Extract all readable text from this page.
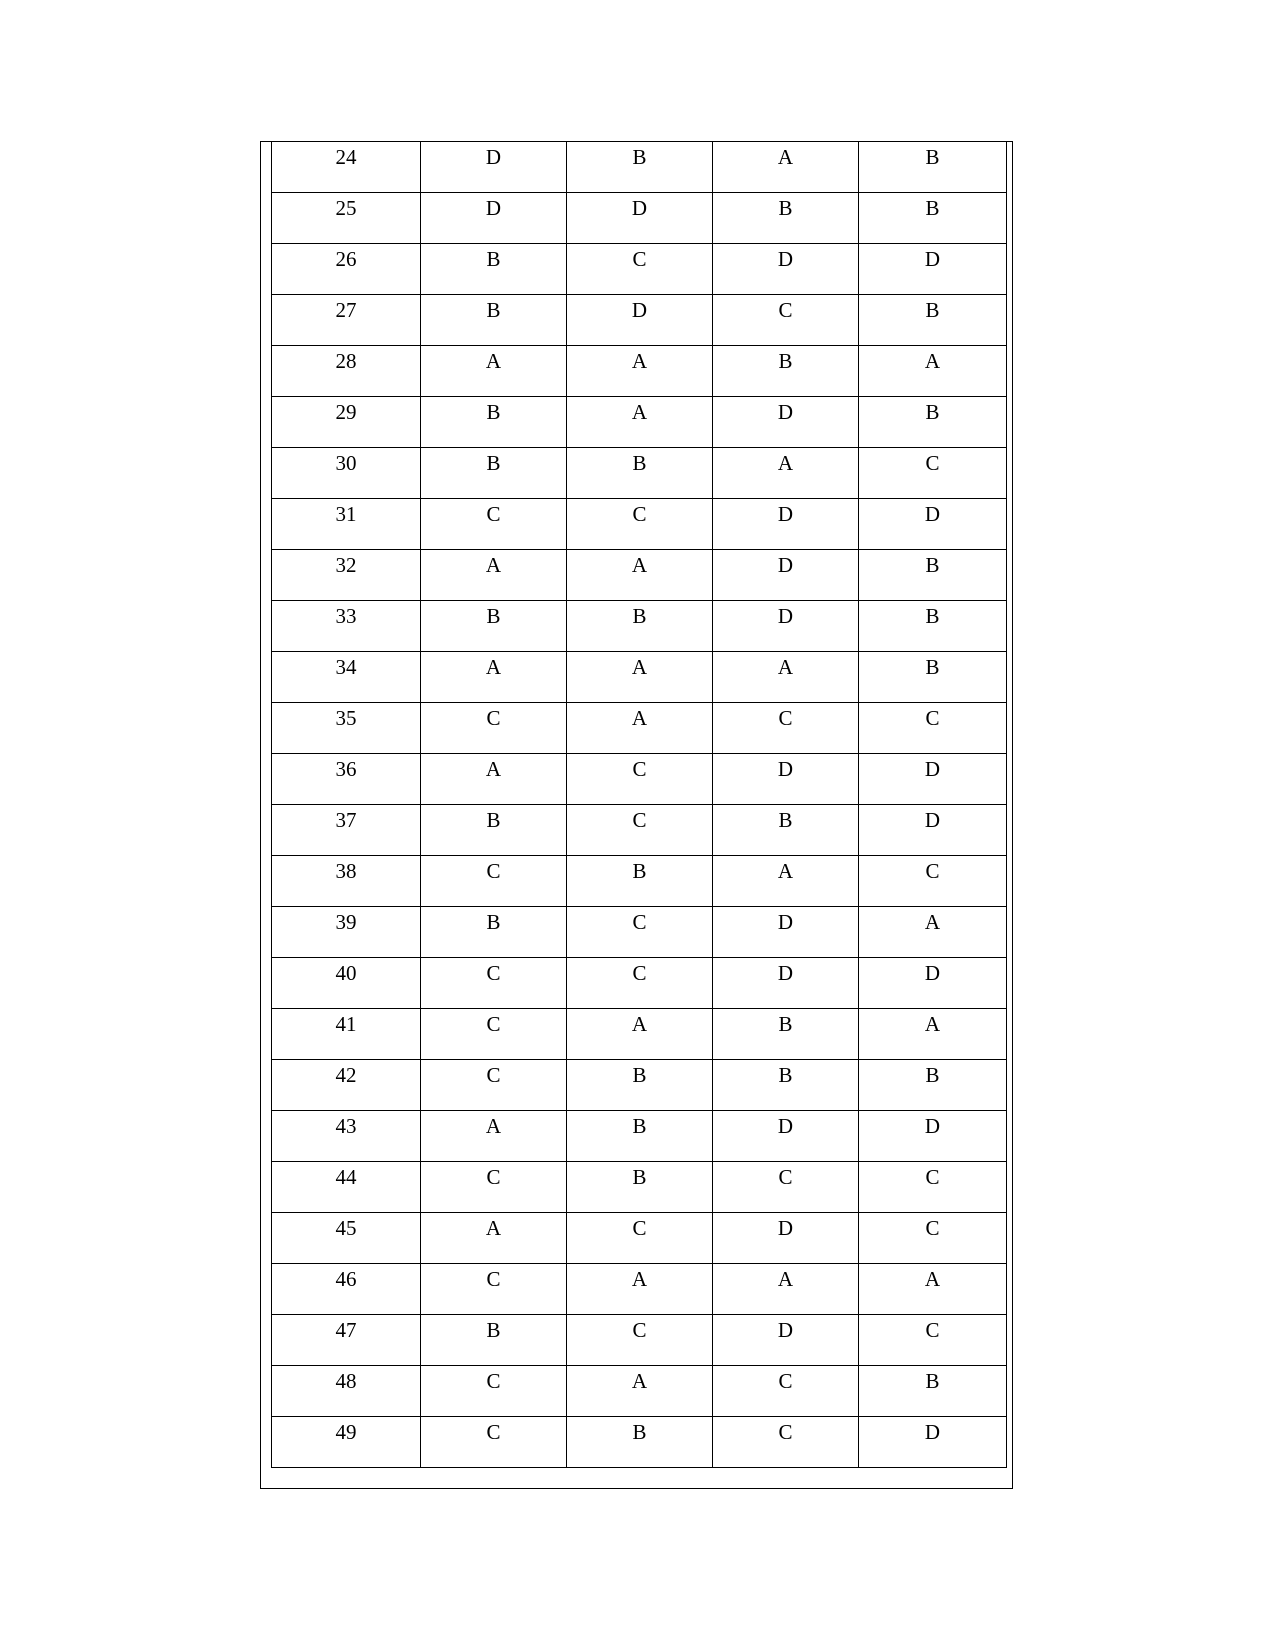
24	D	B	A	B
25	D	D	B	B
26	B	C	D	D
27	B	D	C	B
28	A	A	B	A
29	B	A	D	B
30	B	B	A	C
31	C	C	D	D
32	A	A	D	B
33	B	B	D	B
34	A	A	A	B
35	C	A	C	C
36	A	C	D	D
37	B	C	B	D
38	C	B	A	C
39	B	C	D	A
40	C	C	D	D
41	C	A	B	A
42	C	B	B	B
43	A	B	D	D
44	C	B	C	C
45	A	C	D	C
46	C	A	A	A
47	B	C	D	C
48	C	A	C	B
49	C	B	C	D
